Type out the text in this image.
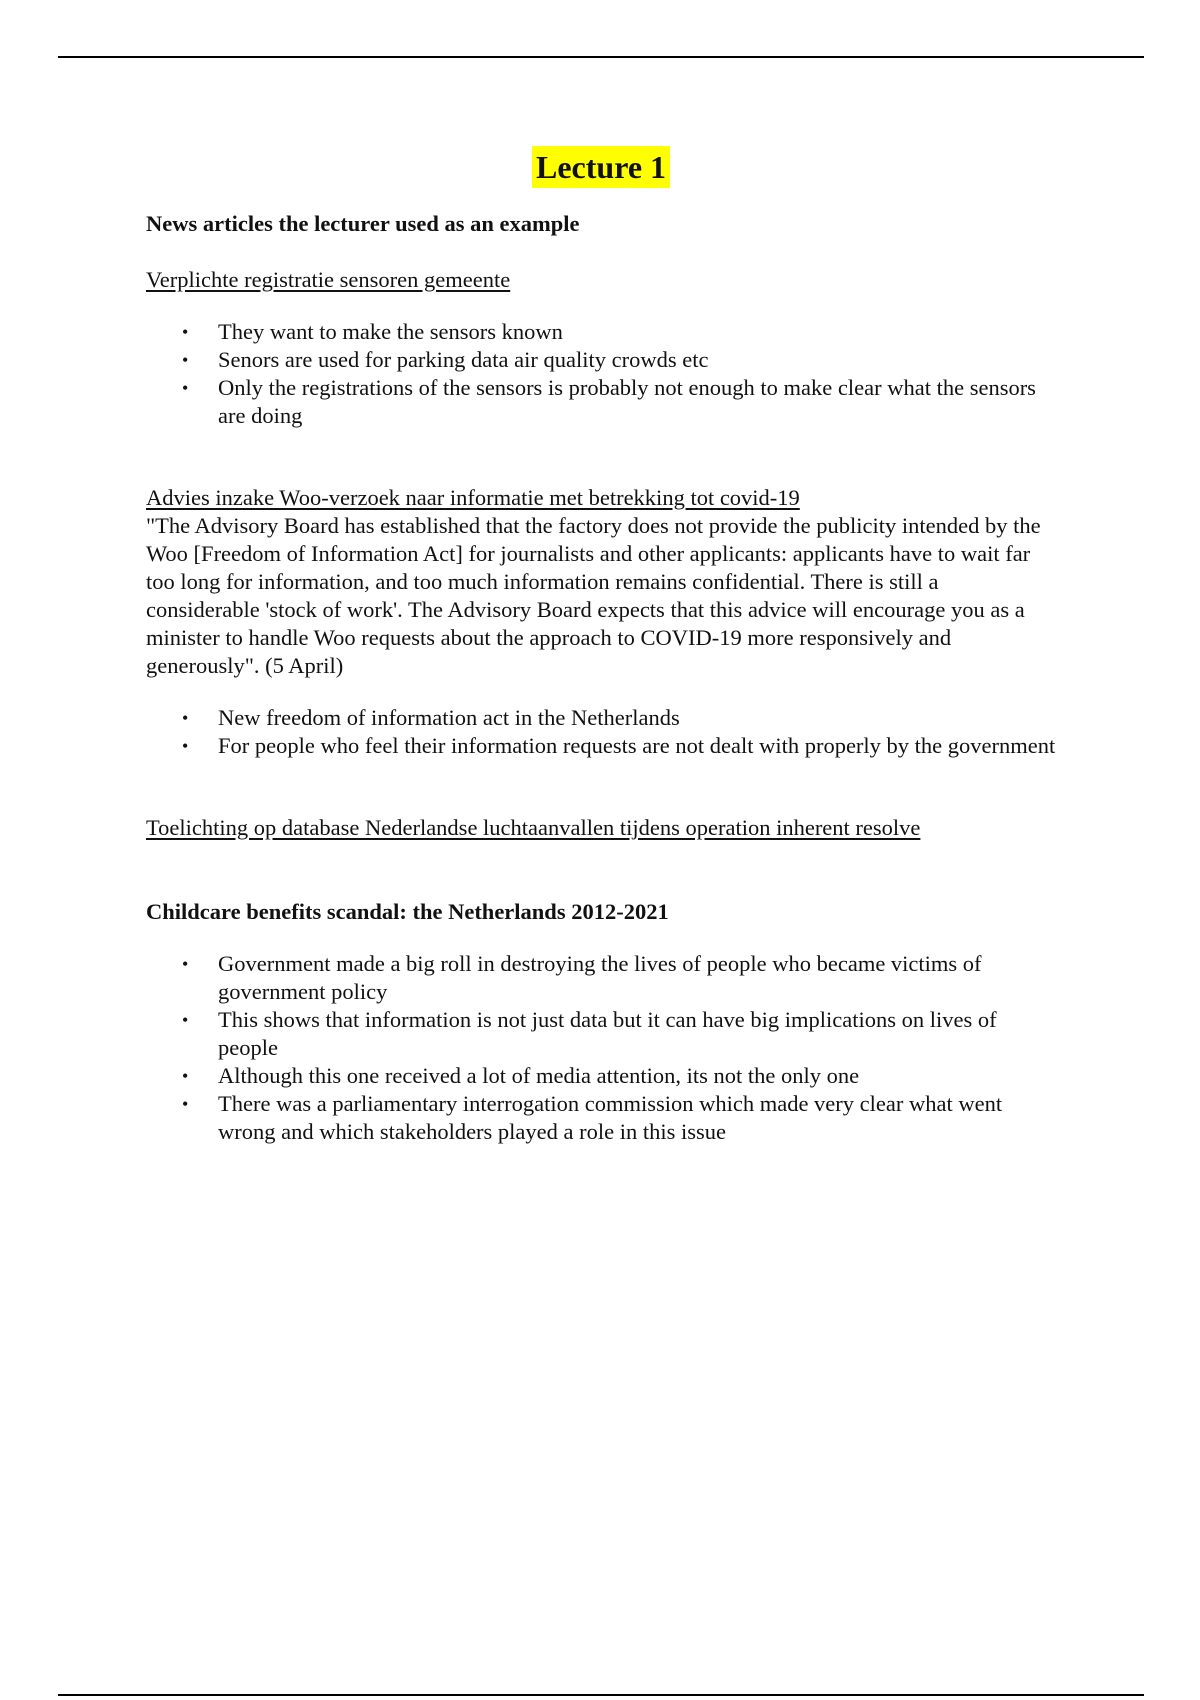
Lecture 1

News articles the lecturer used as an example

Verplichte registratie sensoren gemeente

• They want to make the sensors known
• Senors are used for parking data air quality crowds etc
• Only the registrations of the sensors is probably not enough to make clear what the sensors are doing

Advies inzake Woo-verzoek naar informatie met betrekking tot covid-19

"The Advisory Board has established that the factory does not provide the publicity intended by the Woo [Freedom of Information Act] for journalists and other applicants: applicants have to wait far too long for information, and too much information remains confidential. There is still a considerable 'stock of work'. The Advisory Board expects that this advice will encourage you as a minister to handle Woo requests about the approach to COVID-19 more responsively and generously". (5 April)

• New freedom of information act in the Netherlands
• For people who feel their information requests are not dealt with properly by the government

Toelichting op database Nederlandse luchtaanvallen tijdens operation inherent resolve

Childcare benefits scandal: the Netherlands 2012-2021

• Government made a big roll in destroying the lives of people who became victims of government policy
• This shows that information is not just data but it can have big implications on lives of people
• Although this one received a lot of media attention, its not the only one
• There was a parliamentary interrogation commission which made very clear what went wrong and which stakeholders played a role in this issue
